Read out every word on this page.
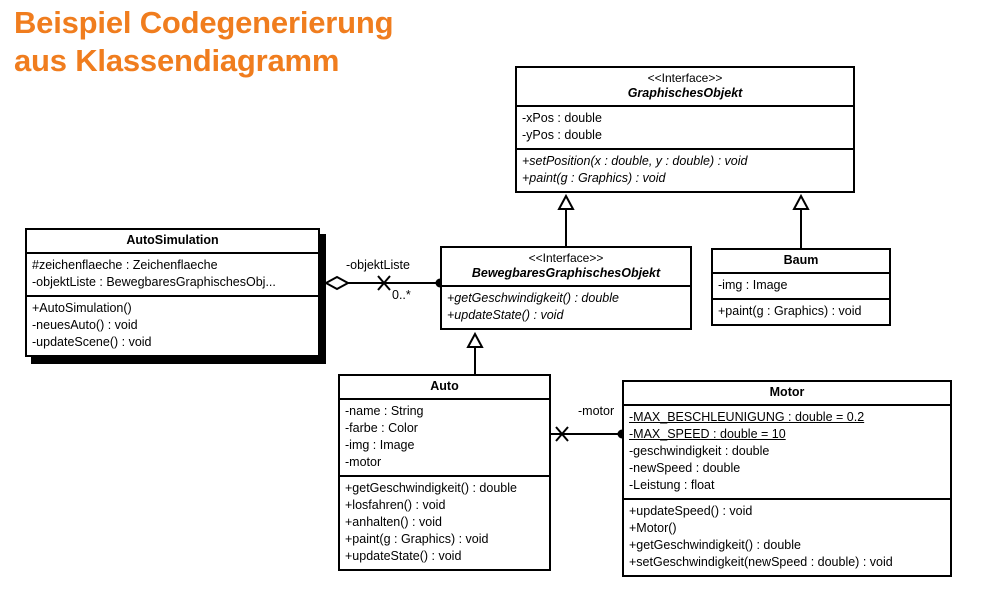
Beispiel Codegenerierung
aus Klassendiagramm
-objektListe
0..*
-motor
<<Interface>>
GraphischesObjekt
-xPos : double
-yPos : double
+setPosition(x : double, y : double) : void
+paint(g : Graphics) : void
AutoSimulation
#zeichenflaeche : Zeichenflaeche
-objektListe : BewegbaresGraphischesObj...
+AutoSimulation()
-neuesAuto() : void
-updateScene() : void
<<Interface>>
BewegbaresGraphischesObjekt
+getGeschwindigkeit() : double
+updateState() : void
Baum
-img : Image
+paint(g : Graphics) : void
Auto
-name : String
-farbe : Color
-img : Image
-motor
+getGeschwindigkeit() : double
+losfahren() : void
+anhalten() : void
+paint(g : Graphics) : void
+updateState() : void
Motor
-MAX_BESCHLEUNIGUNG : double = 0.2
-MAX_SPEED : double = 10
-geschwindigkeit : double
-newSpeed : double
-Leistung : float
+updateSpeed() : void
+Motor()
+getGeschwindigkeit() : double
+setGeschwindigkeit(newSpeed : double) : void
